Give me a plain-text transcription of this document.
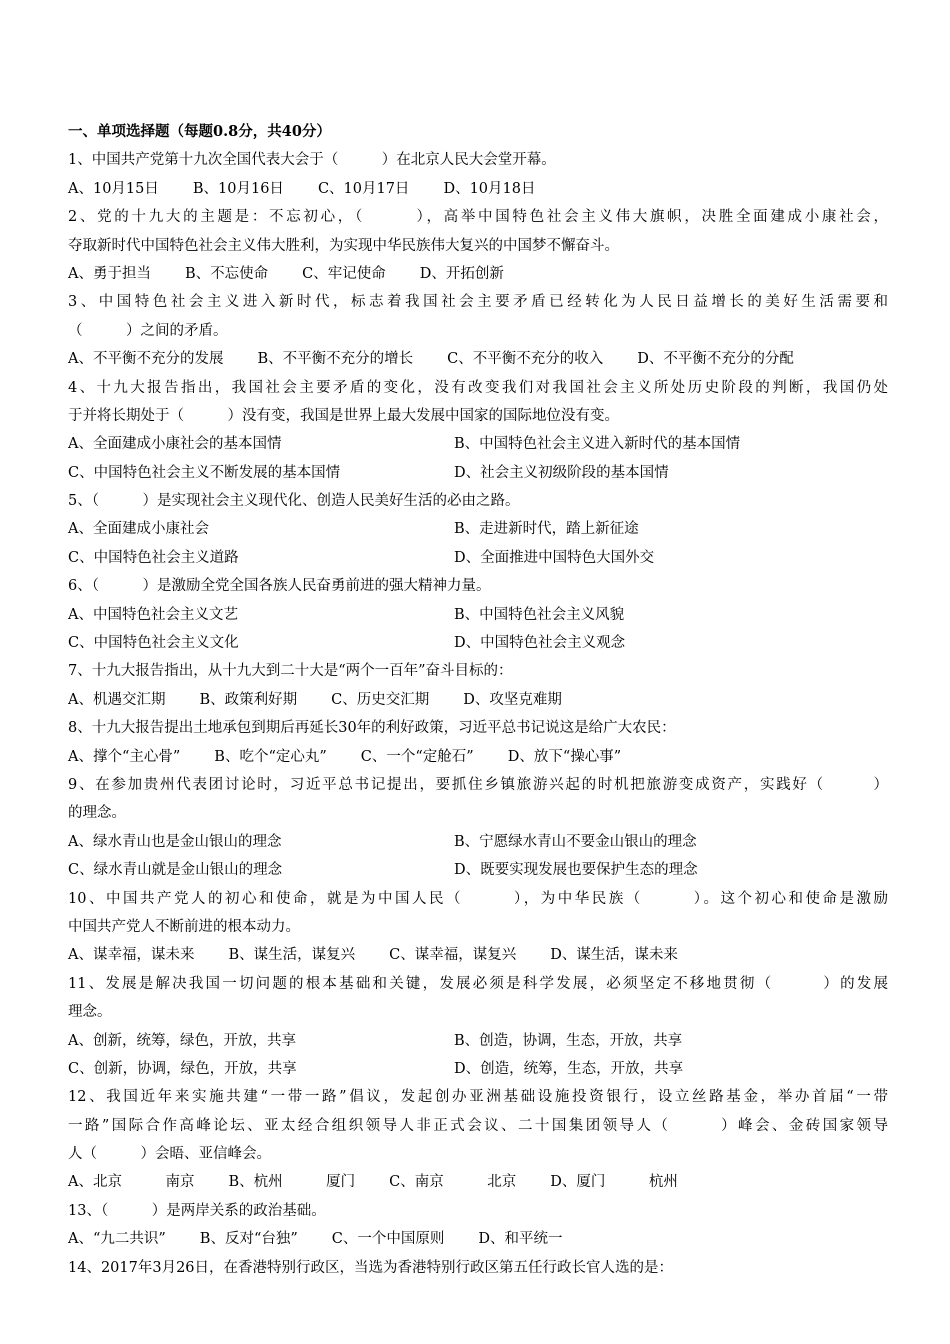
一、单项选择题（每题0.8分，共40分）
1、中国共产党第十九次全国代表大会于（　　　）在北京人民大会堂开幕。
A、10月15日 B、10月16日 C、10月17日 D、10月18日
2、党的十九大的主题是：不忘初心，（　　　），高举中国特色社会主义伟大旗帜，决胜全面建成小康社会，
夺取新时代中国特色社会主义伟大胜利，为实现中华民族伟大复兴的中国梦不懈奋斗。
A、勇于担当 B、不忘使命 C、牢记使命 D、开拓创新
3、中国特色社会主义进入新时代，标志着我国社会主要矛盾已经转化为人民日益增长的美好生活需要和
（　　　）之间的矛盾。
A、不平衡不充分的发展 B、不平衡不充分的增长 C、不平衡不充分的收入 D、不平衡不充分的分配
4、十九大报告指出，我国社会主要矛盾的变化，没有改变我们对我国社会主义所处历史阶段的判断，我国仍处
于并将长期处于（　　　）没有变，我国是世界上最大发展中国家的国际地位没有变。
A、全面建成小康社会的基本国情	B、中国特色社会主义进入新时代的基本国情
C、中国特色社会主义不断发展的基本国情	D、社会主义初级阶段的基本国情
5、（　　　）是实现社会主义现代化、创造人民美好生活的必由之路。
A、全面建成小康社会	B、走进新时代，踏上新征途
C、中国特色社会主义道路	D、全面推进中国特色大国外交
6、（　　　）是激励全党全国各族人民奋勇前进的强大精神力量。
A、中国特色社会主义文艺	B、中国特色社会主义风貌
C、中国特色社会主义文化	D、中国特色社会主义观念
7、十九大报告指出，从十九大到二十大是“两个一百年”奋斗目标的：
A、机遇交汇期 B、政策利好期 C、历史交汇期 D、攻坚克难期
8、十九大报告提出土地承包到期后再延长30年的利好政策，习近平总书记说这是给广大农民：
A、撑个“主心骨” B、吃个“定心丸” C、一个“定舱石” D、放下“操心事”
9、在参加贵州代表团讨论时，习近平总书记提出，要抓住乡镇旅游兴起的时机把旅游变成资产，实践好（　　　）
的理念。
A、绿水青山也是金山银山的理念	B、宁愿绿水青山不要金山银山的理念
C、绿水青山就是金山银山的理念	D、既要实现发展也要保护生态的理念
10、中国共产党人的初心和使命，就是为中国人民（　　　），为中华民族（　　　）。这个初心和使命是激励
中国共产党人不断前进的根本动力。
A、谋幸福，谋未来 B、谋生活，谋复兴 C、谋幸福，谋复兴 D、谋生活，谋未来
11、发展是解决我国一切问题的根本基础和关键，发展必须是科学发展，必须坚定不移地贯彻（　　　）的发展
理念。
A、创新，统筹，绿色，开放，共享	B、创造，协调，生态，开放，共享
C、创新，协调，绿色，开放，共享	D、创造，统筹，生态，开放，共享
12、我国近年来实施共建“一带一路”倡议，发起创办亚洲基础设施投资银行，设立丝路基金，举办首届“一带
一路”国际合作高峰论坛、亚太经合组织领导人非正式会议、二十国集团领导人（　　　）峰会、金砖国家领导
人（　　　）会晤、亚信峰会。
A、北京　　　南京 B、杭州　　　厦门 C、南京　　　北京 D、厦门　　　杭州
13、（　　　）是两岸关系的政治基础。
A、“九二共识” B、反对“台独” C、一个中国原则 D、和平统一
14、2017年3月26日，在香港特别行政区，当选为香港特别行政区第五任行政长官人选的是：
